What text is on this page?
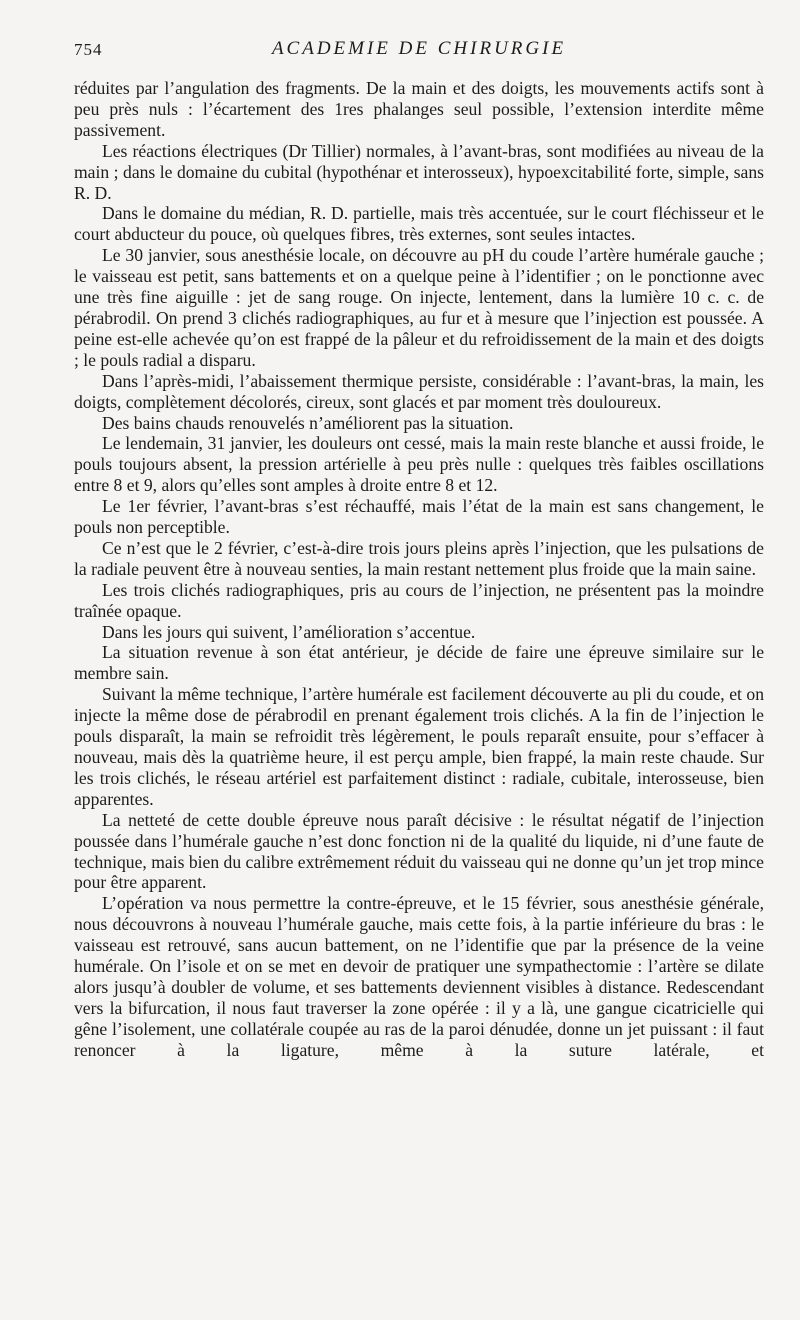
754	ACADEMIE DE CHIRURGIE

réduites par l’angulation des fragments. De la main et des doigts, les mouvements actifs sont à peu près nuls : l’écartement des 1res phalanges seul possible, l’extension interdite même passivement.

Les réactions électriques (Dr Tillier) normales, à l’avant-bras, sont modifiées au niveau de la main ; dans le domaine du cubital (hypothénar et interosseux), hypoexcitabilité forte, simple, sans R. D.

Dans le domaine du médian, R. D. partielle, mais très accentuée, sur le court fléchisseur et le court abducteur du pouce, où quelques fibres, très externes, sont seules intactes.

Le 30 janvier, sous anesthésie locale, on découvre au pH du coude l’artère humérale gauche ; le vaisseau est petit, sans battements et on a quelque peine à l’identifier ; on le ponctionne avec une très fine aiguille : jet de sang rouge. On injecte, lentement, dans la lumière 10 c. c. de pérabrodil. On prend 3 clichés radiographiques, au fur et à mesure que l’injection est poussée. A peine est-elle achevée qu’on est frappé de la pâleur et du refroidissement de la main et des doigts ; le pouls radial a disparu.

Dans l’après-midi, l’abaissement thermique persiste, considérable : l’avant-bras, la main, les doigts, complètement décolorés, cireux, sont glacés et par moment très douloureux.

Des bains chauds renouvelés n’améliorent pas la situation.

Le lendemain, 31 janvier, les douleurs ont cessé, mais la main reste blanche et aussi froide, le pouls toujours absent, la pression artérielle à peu près nulle : quelques très faibles oscillations entre 8 et 9, alors qu’elles sont amples à droite entre 8 et 12.

Le 1er février, l’avant-bras s’est réchauffé, mais l’état de la main est sans changement, le pouls non perceptible.

Ce n’est que le 2 février, c’est-à-dire trois jours pleins après l’injection, que les pulsations de la radiale peuvent être à nouveau senties, la main restant nettement plus froide que la main saine.

Les trois clichés radiographiques, pris au cours de l’injection, ne présentent pas la moindre traînée opaque.

Dans les jours qui suivent, l’amélioration s’accentue.

La situation revenue à son état antérieur, je décide de faire une épreuve similaire sur le membre sain.

Suivant la même technique, l’artère humérale est facilement découverte au pli du coude, et on injecte la même dose de pérabrodil en prenant également trois clichés. A la fin de l’injection le pouls disparaît, la main se refroidit très légèrement, le pouls reparaît ensuite, pour s’effacer à nouveau, mais dès la quatrième heure, il est perçu ample, bien frappé, la main reste chaude. Sur les trois clichés, le réseau artériel est parfaitement distinct : radiale, cubitale, interosseuse, bien apparentes.

La netteté de cette double épreuve nous paraît décisive : le résultat négatif de l’injection poussée dans l’humérale gauche n’est donc fonction ni de la qualité du liquide, ni d’une faute de technique, mais bien du calibre extrêmement réduit du vaisseau qui ne donne qu’un jet trop mince pour être apparent.

L’opération va nous permettre la contre-épreuve, et le 15 février, sous anesthésie générale, nous découvrons à nouveau l’humérale gauche, mais cette fois, à la partie inférieure du bras : le vaisseau est retrouvé, sans aucun battement, on ne l’identifie que par la présence de la veine humérale. On l’isole et on se met en devoir de pratiquer une sympathectomie : l’artère se dilate alors jusqu’à doubler de volume, et ses battements deviennent visibles à distance. Redescendant vers la bifurcation, il nous faut traverser la zone opérée : il y a là, une gangue cicatricielle qui gêne l’isolement, une collatérale coupée au ras de la paroi dénudée, donne un jet puissant : il faut renoncer à la ligature, même à la suture latérale, et
